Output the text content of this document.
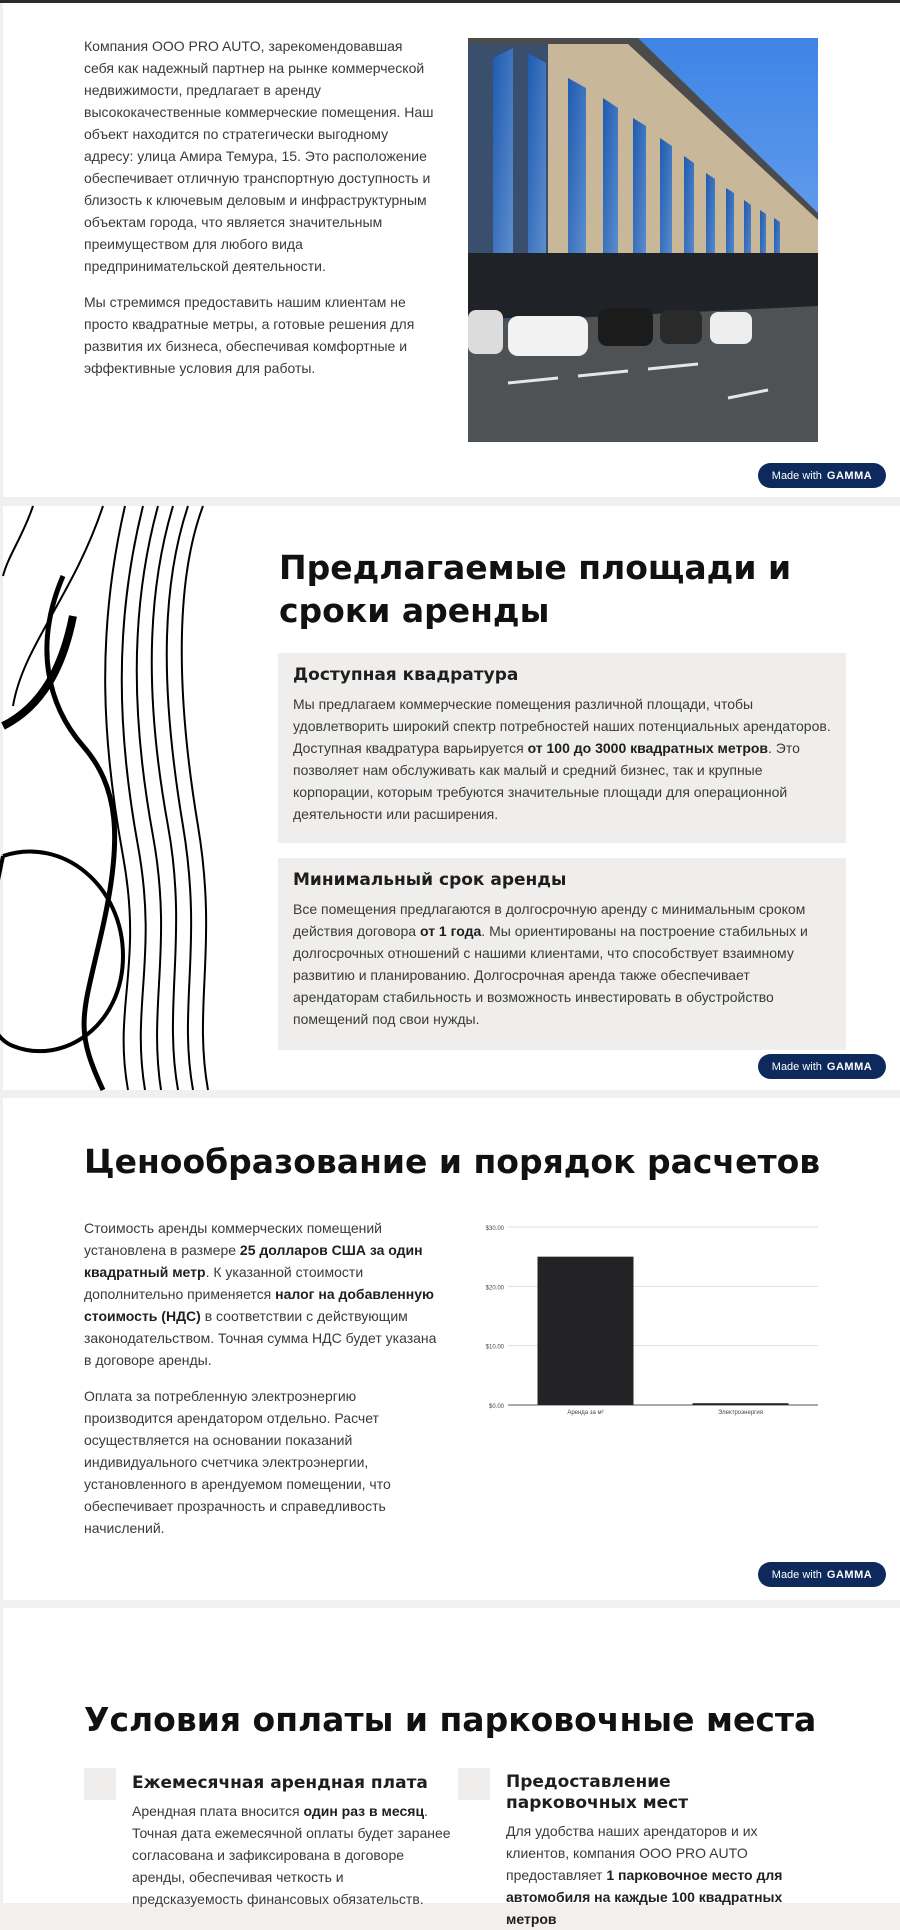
Компания ООО PRO AUTO, зарекомендовавшая себя как надежный партнер на рынке коммерческой недвижимости, предлагает в аренду высококачественные коммерческие помещения. Наш объект находится по стратегически выгодному адресу: улица Амира Темура, 15. Это расположение обеспечивает отличную транспортную доступность и близость к ключевым деловым и инфраструктурным объектам города, что является значительным преимуществом для любого вида предпринимательской деятельности.

Мы стремимся предоставить нашим клиентам не просто квадратные метры, а готовые решения для развития их бизнеса, обеспечивая комфортные и эффективные условия для работы.

Made with GAMMA
Предлагаемые площади и сроки аренды
Доступная квадратура

Мы предлагаем коммерческие помещения различной площади, чтобы удовлетворить широкий спектр потребностей наших потенциальных арендаторов. Доступная квадратура варьируется от 100 до 3000 квадратных метров. Это позволяет нам обслуживать как малый и средний бизнес, так и крупные корпорации, которым требуются значительные площади для операционной деятельности или расширения.

Минимальный срок аренды

Все помещения предлагаются в долгосрочную аренду с минимальным сроком действия договора от 1 года. Мы ориентированы на построение стабильных и долгосрочных отношений с нашими клиентами, что способствует взаимному развитию и планированию. Долгосрочная аренда также обеспечивает арендаторам стабильность и возможность инвестировать в обустройство помещений под свои нужды.

Made with GAMMA
Ценообразование и порядок расчетов

Стоимость аренды коммерческих помещений установлена в размере 25 долларов США за один квадратный метр. К указанной стоимости дополнительно применяется налог на добавленную стоимость (НДС) в соответствии с действующим законодательством. Точная сумма НДС будет указана в договоре аренды.

Оплата за потребленную электроэнергию производится арендатором отдельно. Расчет осуществляется на основании показаний индивидуального счетчика электроэнергии, установленного в арендуемом помещении, что обеспечивает прозрачность и справедливость начислений.

$0.00
$10.00
$20.00
$30.00
Аренда за м²	Электроэнергия
Made with GAMMA
Условия оплаты и парковочные места
Ежемесячная арендная плата

Арендная плата вносится один раз в месяц. Точная дата ежемесячной оплаты будет заранее согласована и зафиксирована в договоре аренды, обеспечивая четкость и предсказуемость финансовых обязательств.

Предоставление парковочных мест

Для удобства наших арендаторов и их клиентов, компания ООО PRO AUTO предоставляет 1 парковочное место для автомобиля на каждые 100 квадратных метров
